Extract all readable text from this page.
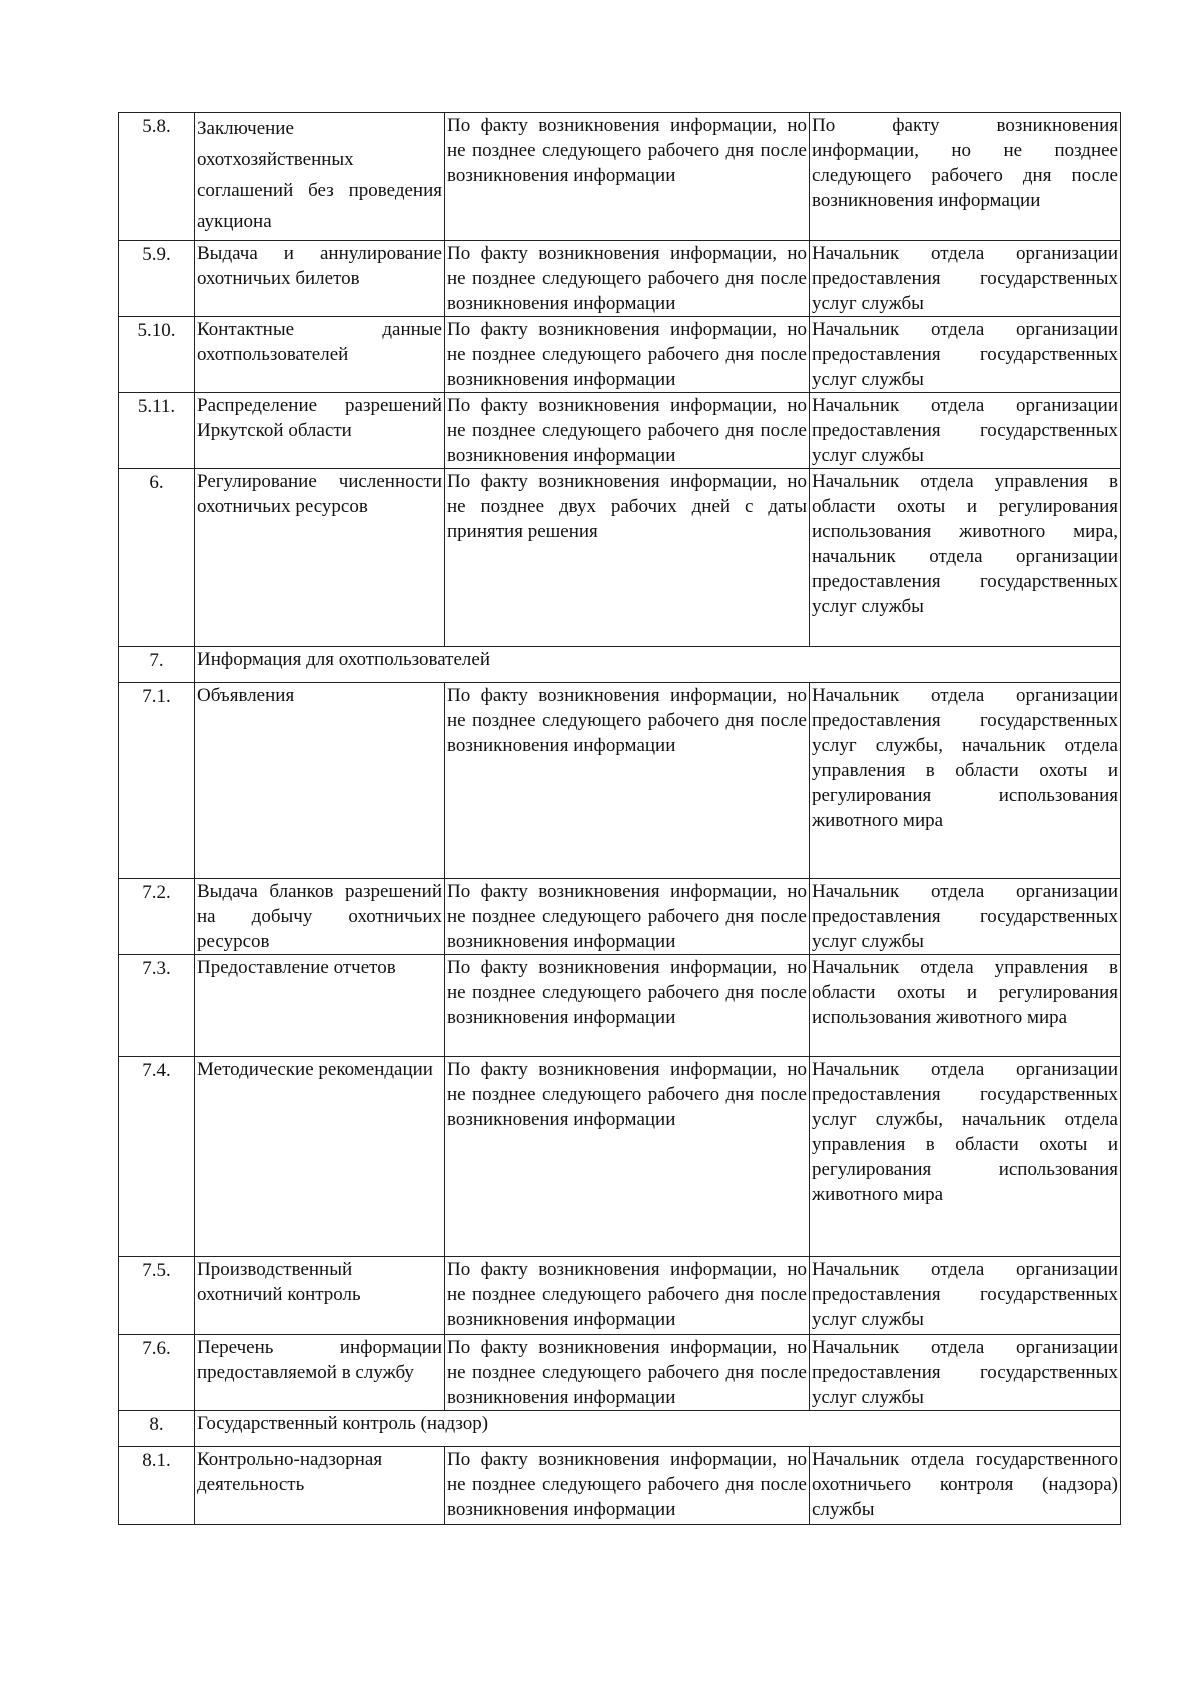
5.8.	Заключение охотхозяйственных соглашений без проведения аукциона	По факту возникновения информации, но не позднее следующего рабочего дня после возникновения информации	По факту возникновения информации, но не позднее следующего рабочего дня после возникновения информации
5.9.	Выдача и аннулирование охотничьих билетов	По факту возникновения информации, но не позднее следующего рабочего дня после возникновения информации	Начальник отдела организации предоставления государственных услуг службы
5.10.	Контактные данные охотпользователей	По факту возникновения информации, но не позднее следующего рабочего дня после возникновения информации	Начальник отдела организации предоставления государственных услуг службы
5.11.	Распределение разрешений Иркутской области	По факту возникновения информации, но не позднее следующего рабочего дня после возникновения информации	Начальник отдела организации предоставления государственных услуг службы
6.	Регулирование численности охотничьих ресурсов	По факту возникновения информации, но не позднее двух рабочих дней с даты принятия решения	Начальник отдела управления в области охоты и регулирования использования животного мира, начальник отдела организации предоставления государственных услуг службы
7.	Информация для охотпользователей		
7.1.	Объявления	По факту возникновения информации, но не позднее следующего рабочего дня после возникновения информации	Начальник отдела организации предоставления государственных услуг службы, начальник отдела управления в области охоты и регулирования использования животного мира
7.2.	Выдача бланков разрешений на добычу охотничьих ресурсов	По факту возникновения информации, но не позднее следующего рабочего дня после возникновения информации	Начальник отдела организации предоставления государственных услуг службы
7.3.	Предоставление отчетов	По факту возникновения информации, но не позднее следующего рабочего дня после возникновения информации	Начальник отдела управления в области охоты и регулирования использования животного мира
7.4.	Методические рекомендации	По факту возникновения информации, но не позднее следующего рабочего дня после возникновения информации	Начальник отдела организации предоставления государственных услуг службы, начальник отдела управления в области охоты и регулирования использования животного мира
7.5.	Производственный охотничий контроль	По факту возникновения информации, но не позднее следующего рабочего дня после возникновения информации	Начальник отдела организации предоставления государственных услуг службы
7.6.	Перечень информации предоставляемой в службу	По факту возникновения информации, но не позднее следующего рабочего дня после возникновения информации	Начальник отдела организации предоставления государственных услуг службы
8.	Государственный контроль (надзор)		
8.1.	Контрольно-надзорная деятельность	По факту возникновения информации, но не позднее следующего рабочего дня после возникновения информации	Начальник отдела государственного охотничьего контроля (надзора) службы
